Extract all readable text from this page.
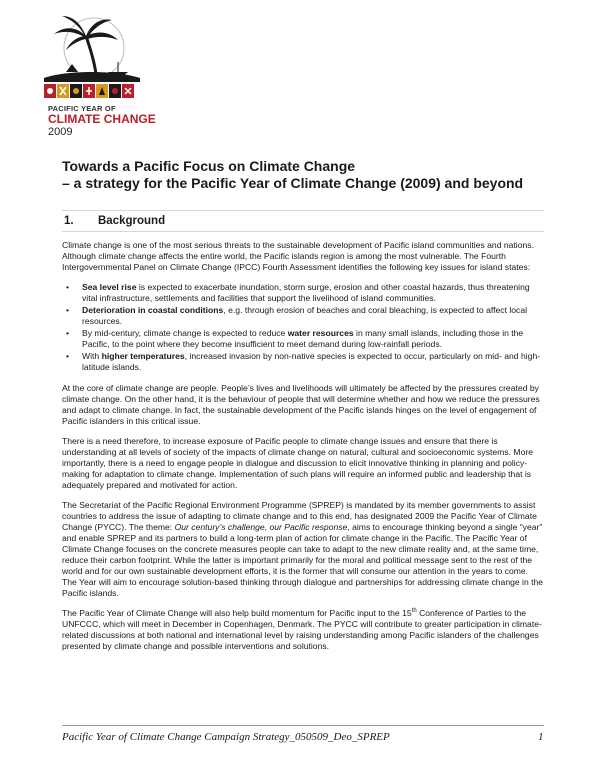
PACIFIC YEAR OF
CLIMATE CHANGE
2009
Towards a Pacific Focus on Climate Change
– a strategy for the Pacific Year of Climate Change (2009) and beyond
1. Background

Climate change is one of the most serious threats to the sustainable development of Pacific island communities and nations. Although climate change affects the entire world, the Pacific islands region is among the most vulnerable. The Fourth Intergovernmental Panel on Climate Change (IPCC) Fourth Assessment identifies the following key issues for island states:

• Sea level rise is expected to exacerbate inundation, storm surge, erosion and other coastal hazards, thus threatening vital infrastructure, settlements and facilities that support the livelihood of island communities.
• Deterioration in coastal conditions, e.g. through erosion of beaches and coral bleaching, is expected to affect local resources.
• By mid-century, climate change is expected to reduce water resources in many small islands, including those in the Pacific, to the point where they become insufficient to meet demand during low-rainfall periods.
• With higher temperatures, increased invasion by non-native species is expected to occur, particularly on mid- and high-latitude islands.

At the core of climate change are people. People’s lives and livelihoods will ultimately be affected by the pressures created by climate change. On the other hand, it is the behaviour of people that will determine whether and how we reduce the pressures and adapt to climate change. In fact, the sustainable development of the Pacific islands hinges on the level of engagement of Pacific islanders in this critical issue.

There is a need therefore, to increase exposure of Pacific people to climate change issues and ensure that there is understanding at all levels of society of the impacts of climate change on natural, cultural and socioeconomic systems. More importantly, there is a need to engage people in dialogue and discussion to elicit innovative thinking in planning and policy-making for adaptation to climate change. Implementation of such plans will require an informed public and leadership that is adequately prepared and motivated for action.

The Secretariat of the Pacific Regional Environment Programme (SPREP) is mandated by its member governments to assist countries to address the issue of adapting to climate change and to this end, has designated 2009 the Pacific Year of Climate Change (PYCC). The theme: Our century’s challenge, our Pacific response, aims to encourage thinking beyond a single “year” and enable SPREP and its partners to build a long-term plan of action for climate change in the Pacific. The Pacific Year of Climate Change focuses on the concrete measures people can take to adapt to the new climate reality and, at the same time, reduce their carbon footprint. While the latter is important primarily for the moral and political message sent to the rest of the world and for our own sustainable development efforts, it is the former that will consume our attention in the years to come. The Year will aim to encourage solution-based thinking through dialogue and partnerships for addressing climate change in the Pacific islands.

The Pacific Year of Climate Change will also help build momentum for Pacific input to the 15th Conference of Parties to the UNFCCC, which will meet in December in Copenhagen, Denmark. The PYCC will contribute to greater participation in climate-related discussions at both national and international level by raising understanding among Pacific islanders of the challenges presented by climate change and possible interventions and solutions.

Pacific Year of Climate Change Campaign Strategy_050509_Deo_SPREP	1
